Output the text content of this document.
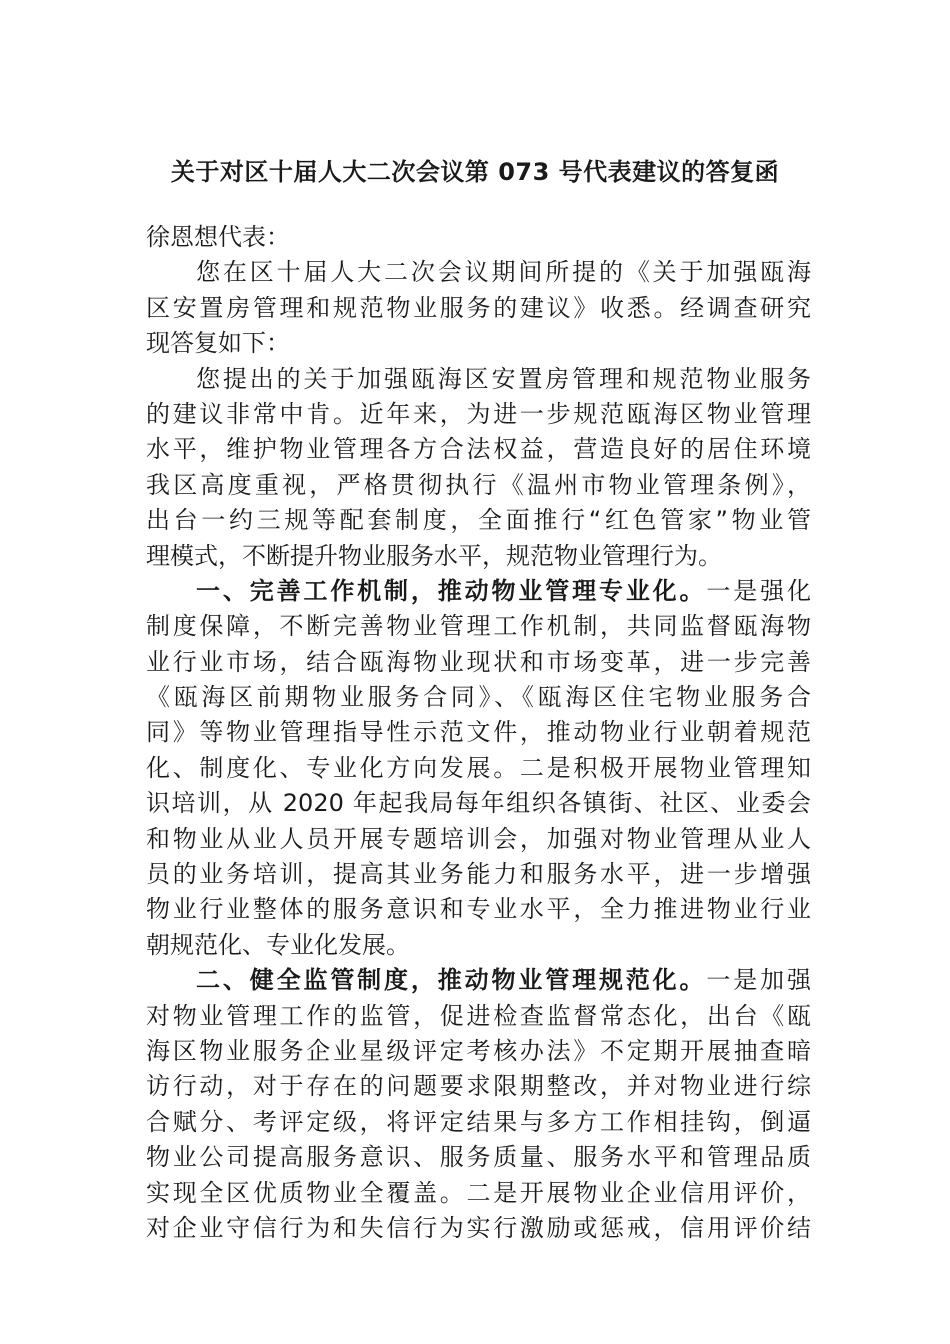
关于对区十届人大二次会议第 073 号代表建议的答复函
徐恩想代表：
您在区十届人大二次会议期间所提的《关于加强瓯海
区安置房管理和规范物业服务的建议》收悉。经调查研究
现答复如下：
您提出的关于加强瓯海区安置房管理和规范物业服务
的建议非常中肯。近年来，为进一步规范瓯海区物业管理
水平，维护物业管理各方合法权益，营造良好的居住环境
我区高度重视，严格贯彻执行《温州市物业管理条例》，
出台一约三规等配套制度，全面推行“红色管家”物业管
理模式，不断提升物业服务水平，规范物业管理行为。
一、完善工作机制，推动物业管理专业化。一是强化
制度保障，不断完善物业管理工作机制，共同监督瓯海物
业行业市场，结合瓯海物业现状和市场变革，进一步完善
《瓯海区前期物业服务合同》、《瓯海区住宅物业服务合
同》等物业管理指导性示范文件，推动物业行业朝着规范
化、制度化、专业化方向发展。二是积极开展物业管理知
识培训，从 2020 年起我局每年组织各镇街、社区、业委会
和物业从业人员开展专题培训会，加强对物业管理从业人
员的业务培训，提高其业务能力和服务水平，进一步增强
物业行业整体的服务意识和专业水平，全力推进物业行业
朝规范化、专业化发展。
二、健全监管制度，推动物业管理规范化。一是加强
对物业管理工作的监管，促进检查监督常态化，出台《瓯
海区物业服务企业星级评定考核办法》不定期开展抽查暗
访行动，对于存在的问题要求限期整改，并对物业进行综
合赋分、考评定级，将评定结果与多方工作相挂钩，倒逼
物业公司提高服务意识、服务质量、服务水平和管理品质
实现全区优质物业全覆盖。二是开展物业企业信用评价，
对企业守信行为和失信行为实行激励或惩戒，信用评价结
